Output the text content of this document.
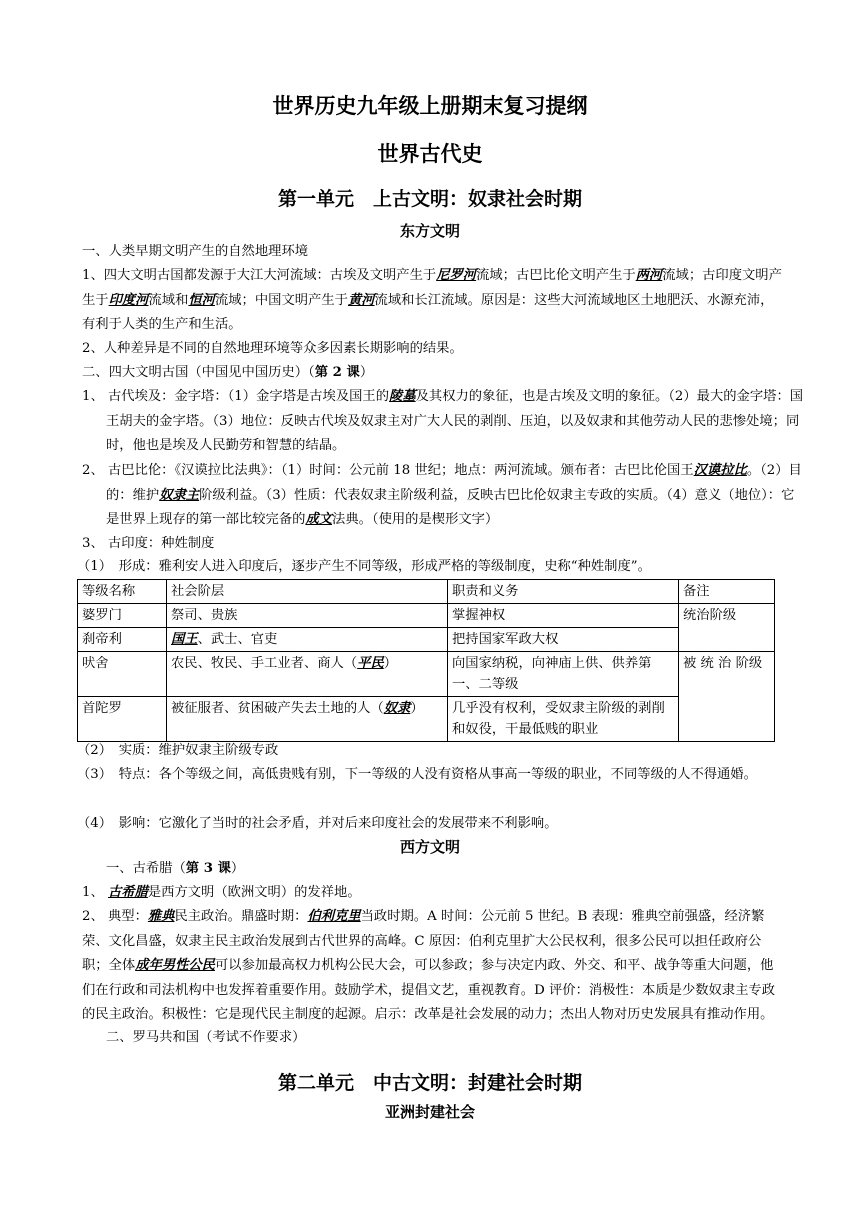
世界历史九年级上册期末复习提纲
世界古代史
第一单元　上古文明：奴隶社会时期
东方文明

一、人类早期文明产生的自然地理环境

1、四大文明古国都发源于大江大河流域：古埃及文明产生于尼罗河流域；古巴比伦文明产生于两河流域；古印度文明产生于印度河流域和恒河流域；中国文明产生于黄河流域和长江流域。原因是：这些大河流域地区土地肥沃、水源充沛，有利于人类的生产和生活。

2、人种差异是不同的自然地理环境等众多因素长期影响的结果。

二、四大文明古国（中国见中国历史）（第 2 课）

1、 古代埃及：金字塔：（1）金字塔是古埃及国王的陵墓及其权力的象征，也是古埃及文明的象征。（2）最大的金字塔：国王胡夫的金字塔。（3）地位：反映古代埃及奴隶主对广大人民的剥削、压迫，以及奴隶和其他劳动人民的悲惨处境；同时，他也是埃及人民勤劳和智慧的结晶。

2、 古巴比伦：《汉谟拉比法典》：（1）时间：公元前 18 世纪；地点：两河流域。颁布者：古巴比伦国王汉谟拉比。（2）目的：维护奴隶主阶级利益。（3）性质：代表奴隶主阶级利益，反映古巴比伦奴隶主专政的实质。（4）意义（地位）：它是世界上现存的第一部比较完备的成文法典。（使用的是楔形文字）

3、 古印度：种姓制度

（1）　形成：雅利安人进入印度后，逐步产生不同等级，形成严格的等级制度，史称“种姓制度”。

等级名称	社会阶层	职责和义务	备注
婆罗门	祭司、贵族	掌握神权	统治阶级
刹帝利	国王、武士、官吏	把持国家军政大权	
吠舍	农民、牧民、手工业者、商人（平民）	向国家纳税，向神庙上供、供养第一、二等级	被 统 治 阶级
首陀罗	被征服者、贫困破产失去土地的人（奴隶）	几乎没有权利，受奴隶主阶级的剥削和奴役，干最低贱的职业	

（2）　实质：维护奴隶主阶级专政

（3）　特点：各个等级之间，高低贵贱有别，下一等级的人没有资格从事高一等级的职业，不同等级的人不得通婚。

（4）　影响：它激化了当时的社会矛盾，并对后来印度社会的发展带来不利影响。

西方文明

一、古希腊（第 3 课）

1、 古希腊是西方文明（欧洲文明）的发祥地。

2、 典型：雅典民主政治。鼎盛时期：伯利克里当政时期。A 时间：公元前 5 世纪。B 表现：雅典空前强盛，经济繁荣、文化昌盛，奴隶主民主政治发展到古代世界的高峰。C 原因：伯利克里扩大公民权利，很多公民可以担任政府公职；全体成年男性公民可以参加最高权力机构公民大会，可以参政；参与决定内政、外交、和平、战争等重大问题，他们在行政和司法机构中也发挥着重要作用。鼓励学术，提倡文艺，重视教育。D 评价：消极性：本质是少数奴隶主专政的民主政治。积极性：它是现代民主制度的起源。启示：改革是社会发展的动力；杰出人物对历史发展具有推动作用。

二、罗马共和国（考试不作要求）

第二单元　中古文明：封建社会时期
亚洲封建社会
